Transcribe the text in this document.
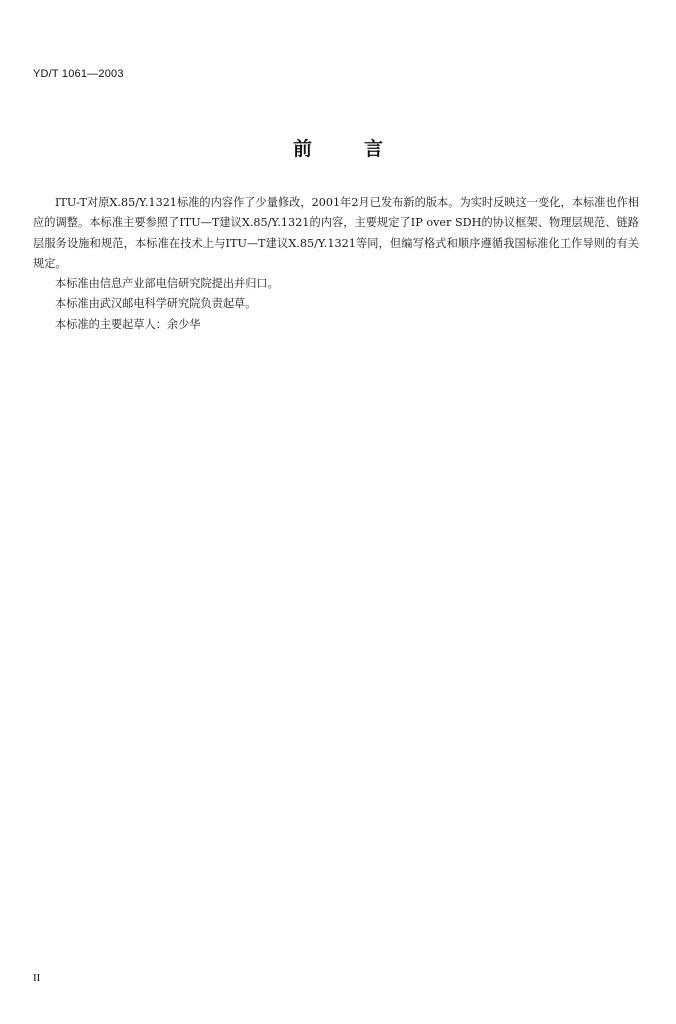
YD/T 1061—2003
前言

ITU-T对原X.85/Y.1321标准的内容作了少量修改，2001年2月已发布新的版本。为实时反映这一变化，本标准也作相应的调整。本标准主要参照了ITU—T建议X.85/Y.1321的内容，主要规定了IP over SDH的协议框架、物理层规范、链路层服务设施和规范，本标准在技术上与ITU—T建议X.85/Y.1321等同，但编写格式和顺序遵循我国标准化工作导则的有关规定。

本标准由信息产业部电信研究院提出并归口。

本标准由武汉邮电科学研究院负责起草。

本标准的主要起草人：余少华

II
